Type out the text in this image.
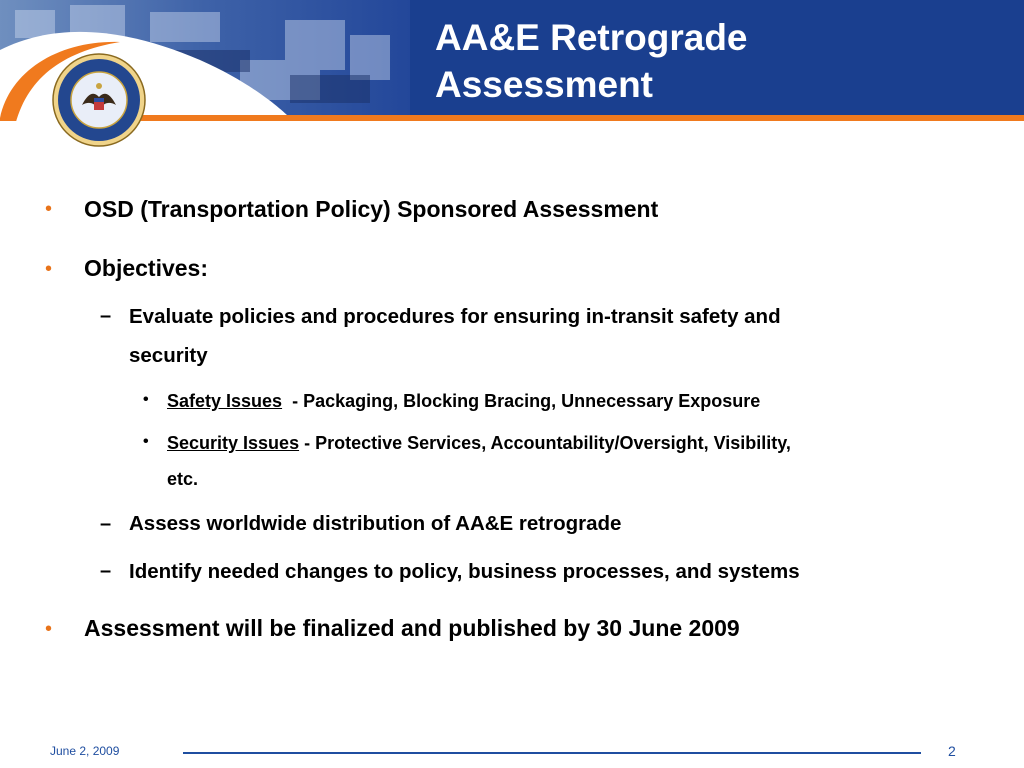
AA&E Retrograde
Assessment
• OSD (Transportation Policy) Sponsored Assessment
• Objectives:
– Evaluate policies and procedures for ensuring in-transit safety and
security
• Safety Issues - Packaging, Blocking Bracing, Unnecessary Exposure
• Security Issues - Protective Services, Accountability/Oversight, Visibility,
etc.
– Assess worldwide distribution of AA&E retrograde
– Identify needed changes to policy, business processes, and systems
• Assessment will be finalized and published by 30 June 2009
June 2, 2009	2
